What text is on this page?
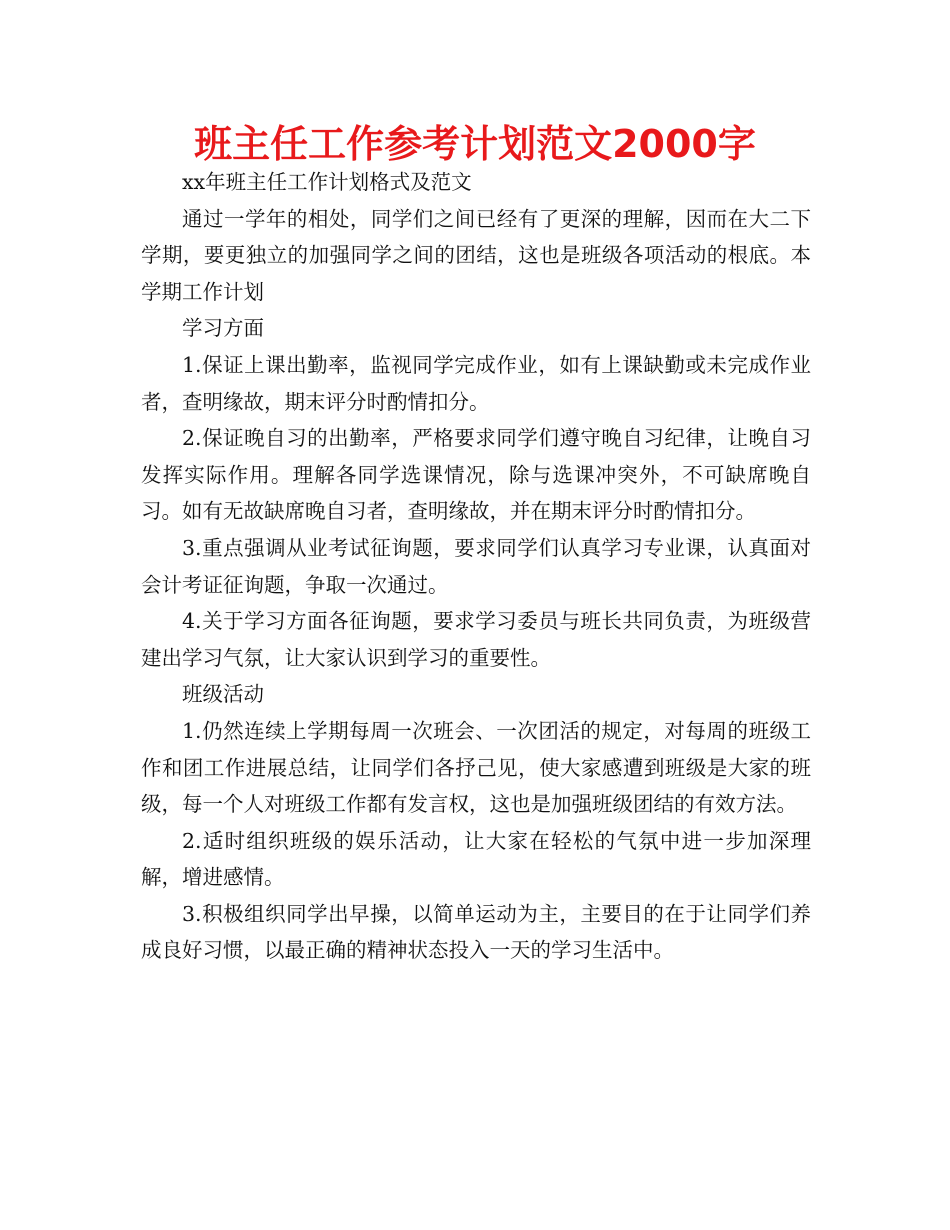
班主任工作参考计划范文2000字

xx年班主任工作计划格式及范文

通过一学年的相处，同学们之间已经有了更深的理解，因而在大二下学期，要更独立的加强同学之间的团结，这也是班级各项活动的根底。本学期工作计划

学习方面

1.保证上课出勤率，监视同学完成作业，如有上课缺勤或未完成作业者，查明缘故，期末评分时酌情扣分。

2.保证晚自习的出勤率，严格要求同学们遵守晚自习纪律，让晚自习发挥实际作用。理解各同学选课情况，除与选课冲突外，不可缺席晚自习。如有无故缺席晚自习者，查明缘故，并在期末评分时酌情扣分。

3.重点强调从业考试征询题，要求同学们认真学习专业课，认真面对会计考证征询题，争取一次通过。

4.关于学习方面各征询题，要求学习委员与班长共同负责，为班级营建出学习气氛，让大家认识到学习的重要性。

班级活动

1.仍然连续上学期每周一次班会、一次团活的规定，对每周的班级工作和团工作进展总结，让同学们各抒己见，使大家感遭到班级是大家的班级，每一个人对班级工作都有发言权，这也是加强班级团结的有效方法。

2.适时组织班级的娱乐活动，让大家在轻松的气氛中进一步加深理解，增进感情。

3.积极组织同学出早操，以简单运动为主，主要目的在于让同学们养成良好习惯，以最正确的精神状态投入一天的学习生活中。
